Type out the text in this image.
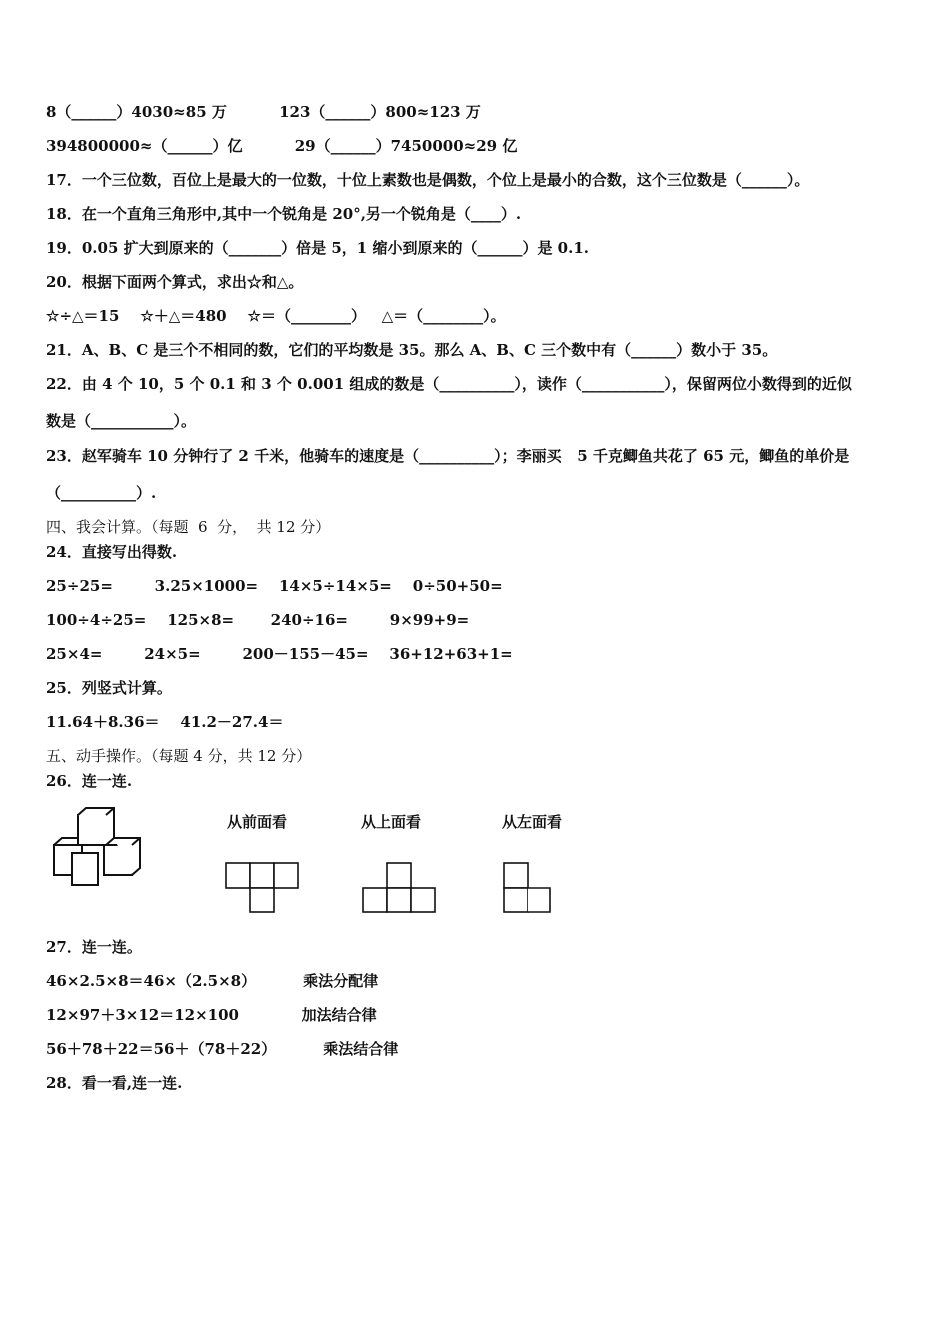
8（______）4030≈85 万          123（______）800≈123 万
394800000≈（______）亿          29（______）7450000≈29 亿
17．一个三位数，百位上是最大的一位数，十位上素数也是偶数，个位上是最小的合数，这个三位数是（______）。
18．在一个直角三角形中,其中一个锐角是 20°,另一个锐角是（____）.
19．0.05 扩大到原来的（_______）倍是 5，1 缩小到原来的（______）是 0.1.
20．根据下面两个算式，求出☆和△。
☆÷△＝15    ☆＋△＝480    ☆＝（________）   △＝（________）。
21．A、B、C 是三个不相同的数，它们的平均数是 35。那么 A、B、C 三个数中有（______）数小于 35。
22．由 4 个 10，5 个 0.1 和 3 个 0.001 组成的数是（__________），读作（___________），保留两位小数得到的近似
数是（___________）。
23．赵军骑车 10 分钟行了 2 千米，他骑车的速度是（__________）；李丽买   5 千克鲫鱼共花了 65 元，鲫鱼的单价是
（__________）.
四、我会计算。（每题  6  分，  共 12 分）
24．直接写出得数.
25÷25=        3.25×1000=    14×5÷14×5=    0÷50+50=
100÷4÷25=    125×8=       240÷16=        9×99+9=
25×4=        24×5=        200－155－45=    36+12+63+1=
25．列竖式计算。
11.64＋8.36＝    41.2－27.4＝
五、动手操作。（每题 4 分，共 12 分）
26．连一连.
从前面看	从上面看	从左面看
27．连一连。
46×2.5×8＝46×（2.5×8）         乘法分配律
12×97＋3×12＝12×100            加法结合律
56＋78＋22＝56＋（78＋22）         乘法结合律
28．看一看,连一连.
